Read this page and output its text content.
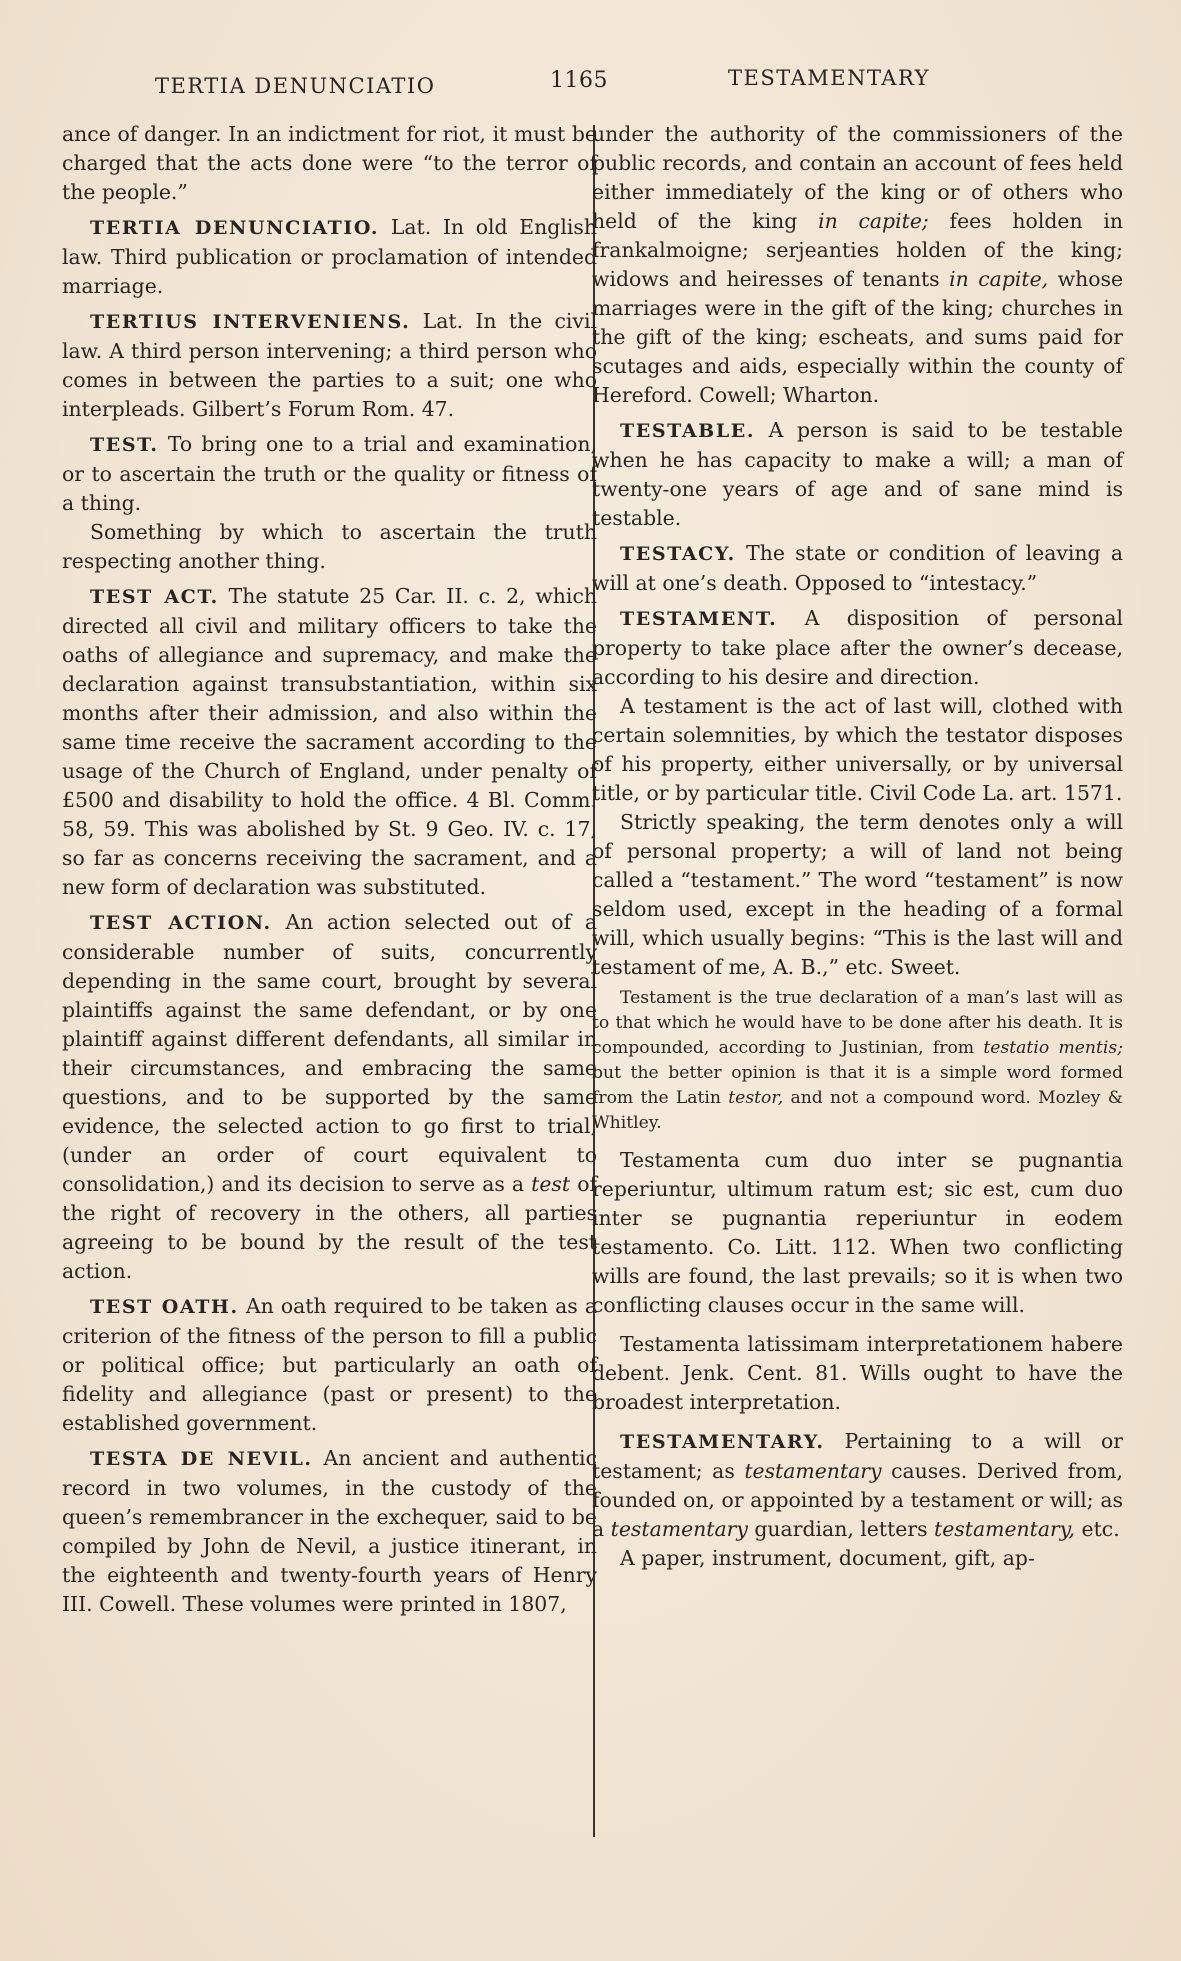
TERTIA DENUNCIATIO	1165	TESTAMENTARY

ance of danger. In an indictment for riot, it must be charged that the acts done were “to the terror of the people.”

TERTIA DENUNCIATIO. Lat. In old English law. Third publication or proclamation of intended marriage.

TERTIUS INTERVENIENS. Lat. In the civil law. A third person intervening; a third person who comes in between the parties to a suit; one who interpleads. Gilbert’s Forum Rom. 47.

TEST. To bring one to a trial and examination, or to ascertain the truth or the quality or fitness of a thing.

Something by which to ascertain the truth respecting another thing.

TEST ACT. The statute 25 Car. II. c. 2, which directed all civil and military officers to take the oaths of allegiance and supremacy, and make the declaration against transubstantiation, within six months after their admission, and also within the same time receive the sacrament according to the usage of the Church of England, under penalty of £500 and disability to hold the office. 4 Bl. Comm. 58, 59. This was abolished by St. 9 Geo. IV. c. 17, so far as concerns receiving the sacrament, and a new form of declaration was substituted.

TEST ACTION. An action selected out of a considerable number of suits, concurrently depending in the same court, brought by several plaintiffs against the same defendant, or by one plaintiff against different defendants, all similar in their circumstances, and embracing the same questions, and to be supported by the same evidence, the selected action to go first to trial, (under an order of court equivalent to consolidation,) and its decision to serve as a test of the right of recovery in the others, all parties agreeing to be bound by the result of the test action.

TEST OATH. An oath required to be taken as a criterion of the fitness of the person to fill a public or political office; but particularly an oath of fidelity and allegiance (past or present) to the established government.

TESTA DE NEVIL. An ancient and authentic record in two volumes, in the custody of the queen’s remembrancer in the exchequer, said to be compiled by John de Nevil, a justice itinerant, in the eighteenth and twenty-fourth years of Henry III. Cowell. These volumes were printed in 1807,

under the authority of the commissioners of the public records, and contain an account of fees held either immediately of the king or of others who held of the king in capite; fees holden in frankalmoigne; serjeanties holden of the king; widows and heiresses of tenants in capite, whose marriages were in the gift of the king; churches in the gift of the king; escheats, and sums paid for scutages and aids, especially within the county of Hereford. Cowell; Wharton.

TESTABLE. A person is said to be testable when he has capacity to make a will; a man of twenty-one years of age and of sane mind is testable.

TESTACY. The state or condition of leaving a will at one’s death. Opposed to “intestacy.”

TESTAMENT. A disposition of personal property to take place after the owner’s decease, according to his desire and direction.

A testament is the act of last will, clothed with certain solemnities, by which the testator disposes of his property, either universally, or by universal title, or by particular title. Civil Code La. art. 1571.

Strictly speaking, the term denotes only a will of personal property; a will of land not being called a “testament.” The word “testament” is now seldom used, except in the heading of a formal will, which usually begins: “This is the last will and testament of me, A. B.,” etc. Sweet.

Testament is the true declaration of a man’s last will as to that which he would have to be done after his death. It is compounded, according to Justinian, from testatio mentis; but the better opinion is that it is a simple word formed from the Latin testor, and not a compound word. Mozley & Whitley.

Testamenta cum duo inter se pugnantia reperiuntur, ultimum ratum est; sic est, cum duo inter se pugnantia reperiuntur in eodem testamento. Co. Litt. 112. When two conflicting wills are found, the last prevails; so it is when two conflicting clauses occur in the same will.

Testamenta latissimam interpretationem habere debent. Jenk. Cent. 81. Wills ought to have the broadest interpretation.

TESTAMENTARY. Pertaining to a will or testament; as testamentary causes. Derived from, founded on, or appointed by a testament or will; as a testamentary guardian, letters testamentary, etc.

A paper, instrument, document, gift, ap-
